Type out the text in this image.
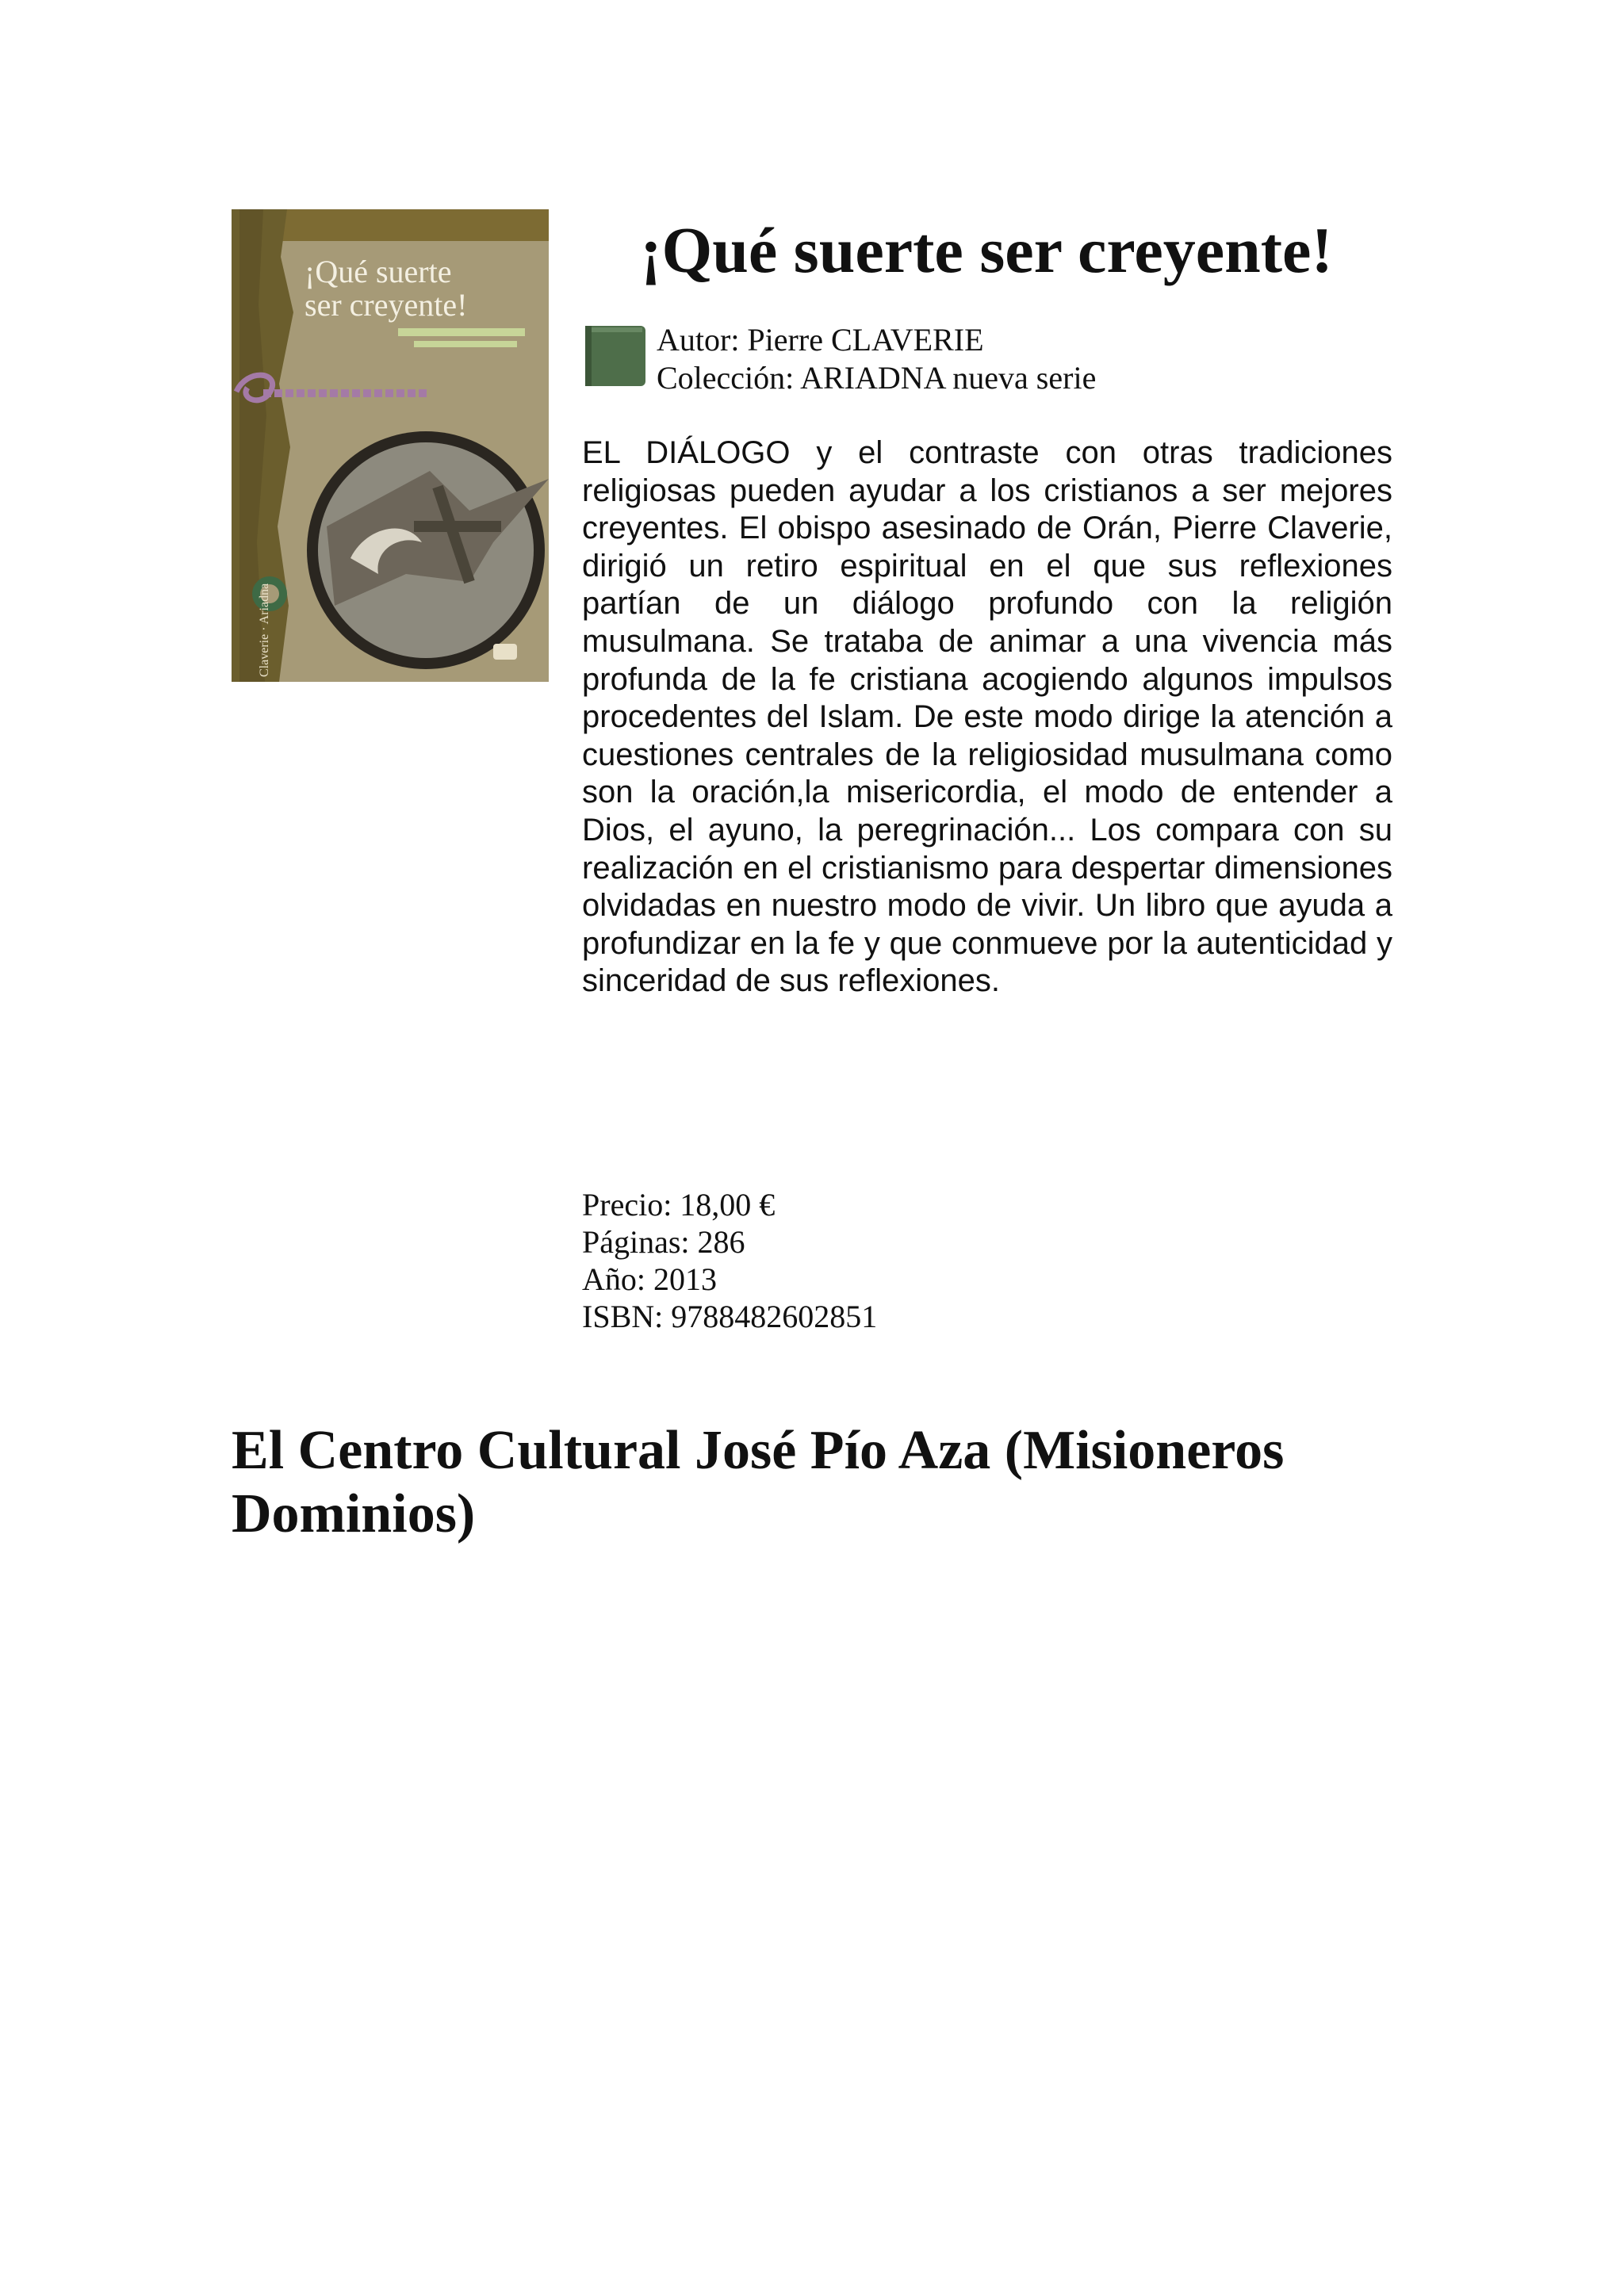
¡Qué suerte
ser creyente!
Claverie · Ariadna
¡Qué suerte ser creyente!
Autor: Pierre CLAVERIE
Colección: ARIADNA nueva serie

EL DIÁLOGO y el contraste con otras tradiciones religiosas pueden ayudar a los cristianos a ser mejores creyentes. El obispo asesinado de Orán, Pierre Claverie, dirigió un retiro espiritual en el que sus reflexiones partían de un diálogo profundo con la religión musulmana. Se trataba de animar a una vivencia más profunda de la fe cristiana acogiendo algunos impulsos procedentes del Islam. De este modo dirige la atención a cuestiones centrales de la religiosidad musulmana como son la oración,la misericordia, el modo de entender a Dios, el ayuno, la peregrinación... Los compara con su realización en el cristianismo para despertar dimensiones olvidadas en nuestro modo de vivir. Un libro que ayuda a profundizar en la fe y que conmueve por la autenticidad y sinceridad de sus reflexiones.

Precio: 18,00 €
Páginas: 286
Año: 2013
ISBN: 9788482602851
El Centro Cultural José Pío Aza (Misioneros Dominios)
